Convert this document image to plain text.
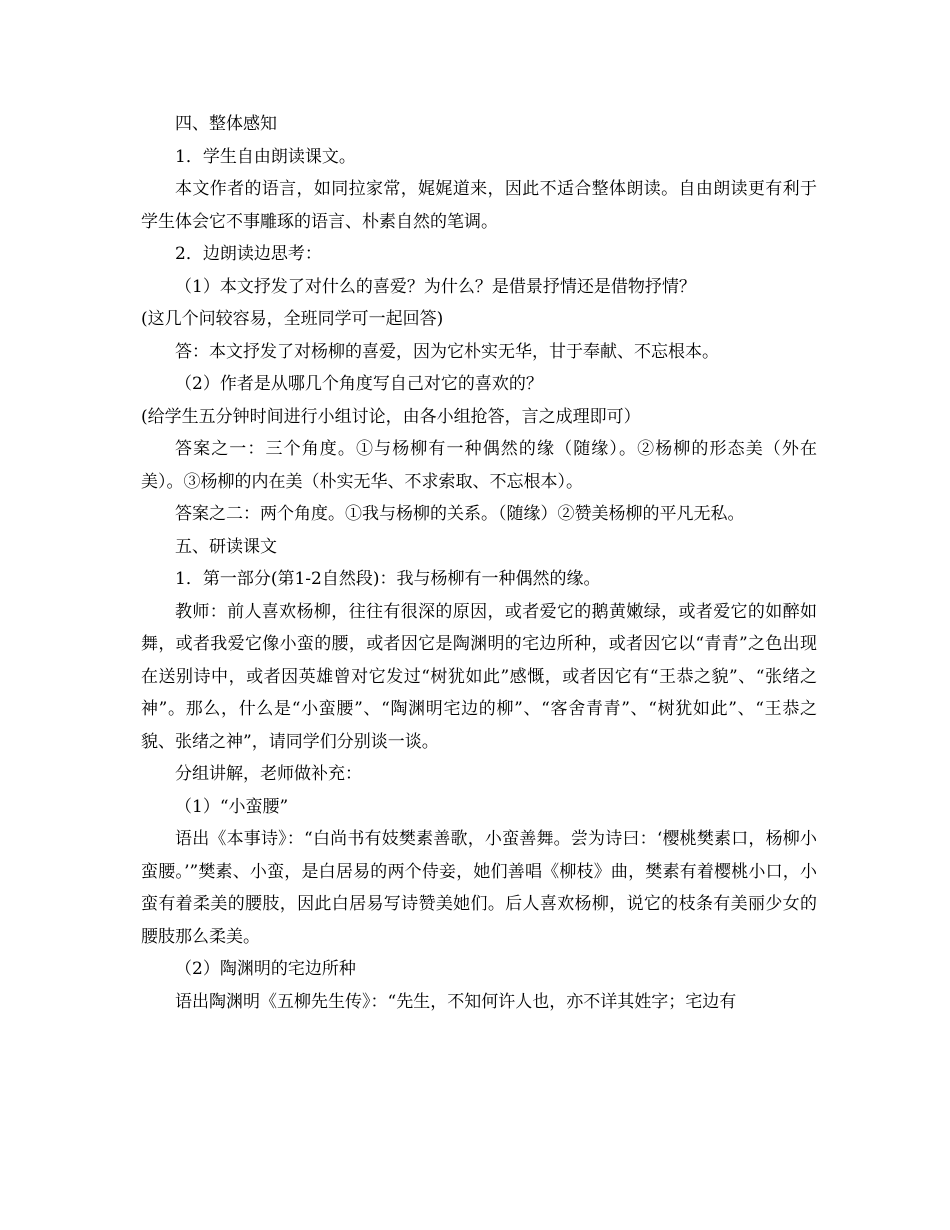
四、整体感知

1．学生自由朗读课文。

本文作者的语言，如同拉家常，娓娓道来，因此不适合整体朗读。自由朗读更有利于学生体会它不事雕琢的语言、朴素自然的笔调。

2．边朗读边思考：

（1）本文抒发了对什么的喜爱？为什么？是借景抒情还是借物抒情？

(这几个问较容易，全班同学可一起回答)

答：本文抒发了对杨柳的喜爱，因为它朴实无华，甘于奉献、不忘根本。

（2）作者是从哪几个角度写自己对它的喜欢的？

(给学生五分钟时间进行小组讨论，由各小组抢答，言之成理即可）

答案之一：三个角度。①与杨柳有一种偶然的缘（随缘）。②杨柳的形态美（外在美）。③杨柳的内在美（朴实无华、不求索取、不忘根本）。

答案之二：两个角度。①我与杨柳的关系。（随缘）②赞美杨柳的平凡无私。

五、研读课文

1．第一部分(第1-2自然段)：我与杨柳有一种偶然的缘。

教师：前人喜欢杨柳，往往有很深的原因，或者爱它的鹅黄嫩绿，或者爱它的如醉如舞，或者我爱它像小蛮的腰，或者因它是陶渊明的宅边所种，或者因它以“青青”之色出现在送别诗中，或者因英雄曾对它发过“树犹如此”感慨，或者因它有“王恭之貌”、“张绪之神”。那么，什么是“小蛮腰”、“陶渊明宅边的柳”、“客舍青青”、“树犹如此”、“王恭之貌、张绪之神”，请同学们分别谈一谈。

分组讲解，老师做补充：

（1）“小蛮腰”

语出《本事诗》：“白尚书有妓樊素善歌，小蛮善舞。尝为诗曰：‘樱桃樊素口，杨柳小蛮腰。’”樊素、小蛮，是白居易的两个侍妾，她们善唱《柳枝》曲，樊素有着樱桃小口，小蛮有着柔美的腰肢，因此白居易写诗赞美她们。后人喜欢杨柳，说它的枝条有美丽少女的腰肢那么柔美。

（2）陶渊明的宅边所种

语出陶渊明《五柳先生传》：“先生，不知何许人也，亦不详其姓字；宅边有
